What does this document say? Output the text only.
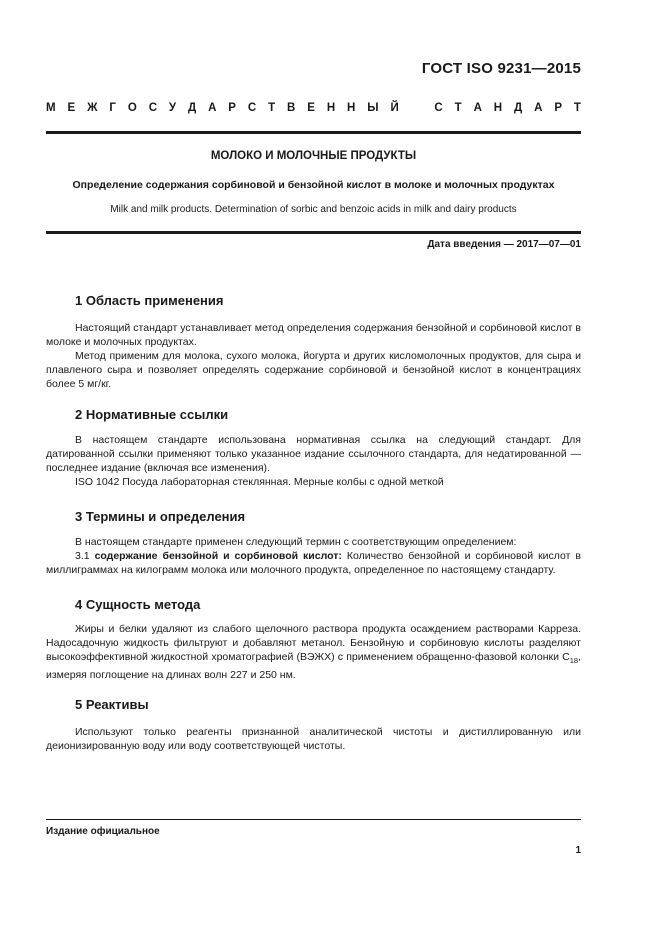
ГОСТ ISO 9231—2015
М Е Ж Г О С У Д А Р С Т В Е Н Н Ы Й	С Т А Н Д А Р Т
МОЛОКО И МОЛОЧНЫЕ ПРОДУКТЫ
Определение содержания сорбиновой и бензойной кислот в молоке и молочных продуктах
Milk and milk products. Determination of sorbic and benzoic acids in milk and dairy products
Дата введения — 2017—07—01
1 Область применения

Настоящий стандарт устанавливает метод определения содержания бензойной и сорбиновой кислот в молоке и молочных продуктах.

Метод применим для молока, сухого молока, йогурта и других кисломолочных продуктов, для сыра и плавленого сыра и позволяет определять содержание сорбиновой и бензойной кислот в концентрациях более 5 мг/кг.

2 Нормативные ссылки

В настоящем стандарте использована нормативная ссылка на следующий стандарт. Для датированной ссылки применяют только указанное издание ссылочного стандарта, для недатированной — последнее издание (включая все изменения).

ISO 1042 Посуда лабораторная стеклянная. Мерные колбы с одной меткой

3 Термины и определения

В настоящем стандарте применен следующий термин с соответствующим определением:

3.1 содержание бензойной и сорбиновой кислот: Количество бензойной и сорбиновой кислот в миллиграммах на килограмм молока или молочного продукта, определенное по настоящему стандарту.

4 Сущность метода

Жиры и белки удаляют из слабого щелочного раствора продукта осаждением растворами Карреза. Надосадочную жидкость фильтруют и добавляют метанол. Бензойную и сорбиновую кислоты разделяют высокоэффективной жидкостной хроматографией (ВЭЖХ) с применением обращенно-фазовой колонки $С_{18}$, измеряя поглощение на длинах волн 227 и 250 нм.

5 Реактивы

Используют только реагенты признанной аналитической чистоты и дистиллированную или деионизированную воду или воду соответствующей чистоты.

Издание официальное
1
